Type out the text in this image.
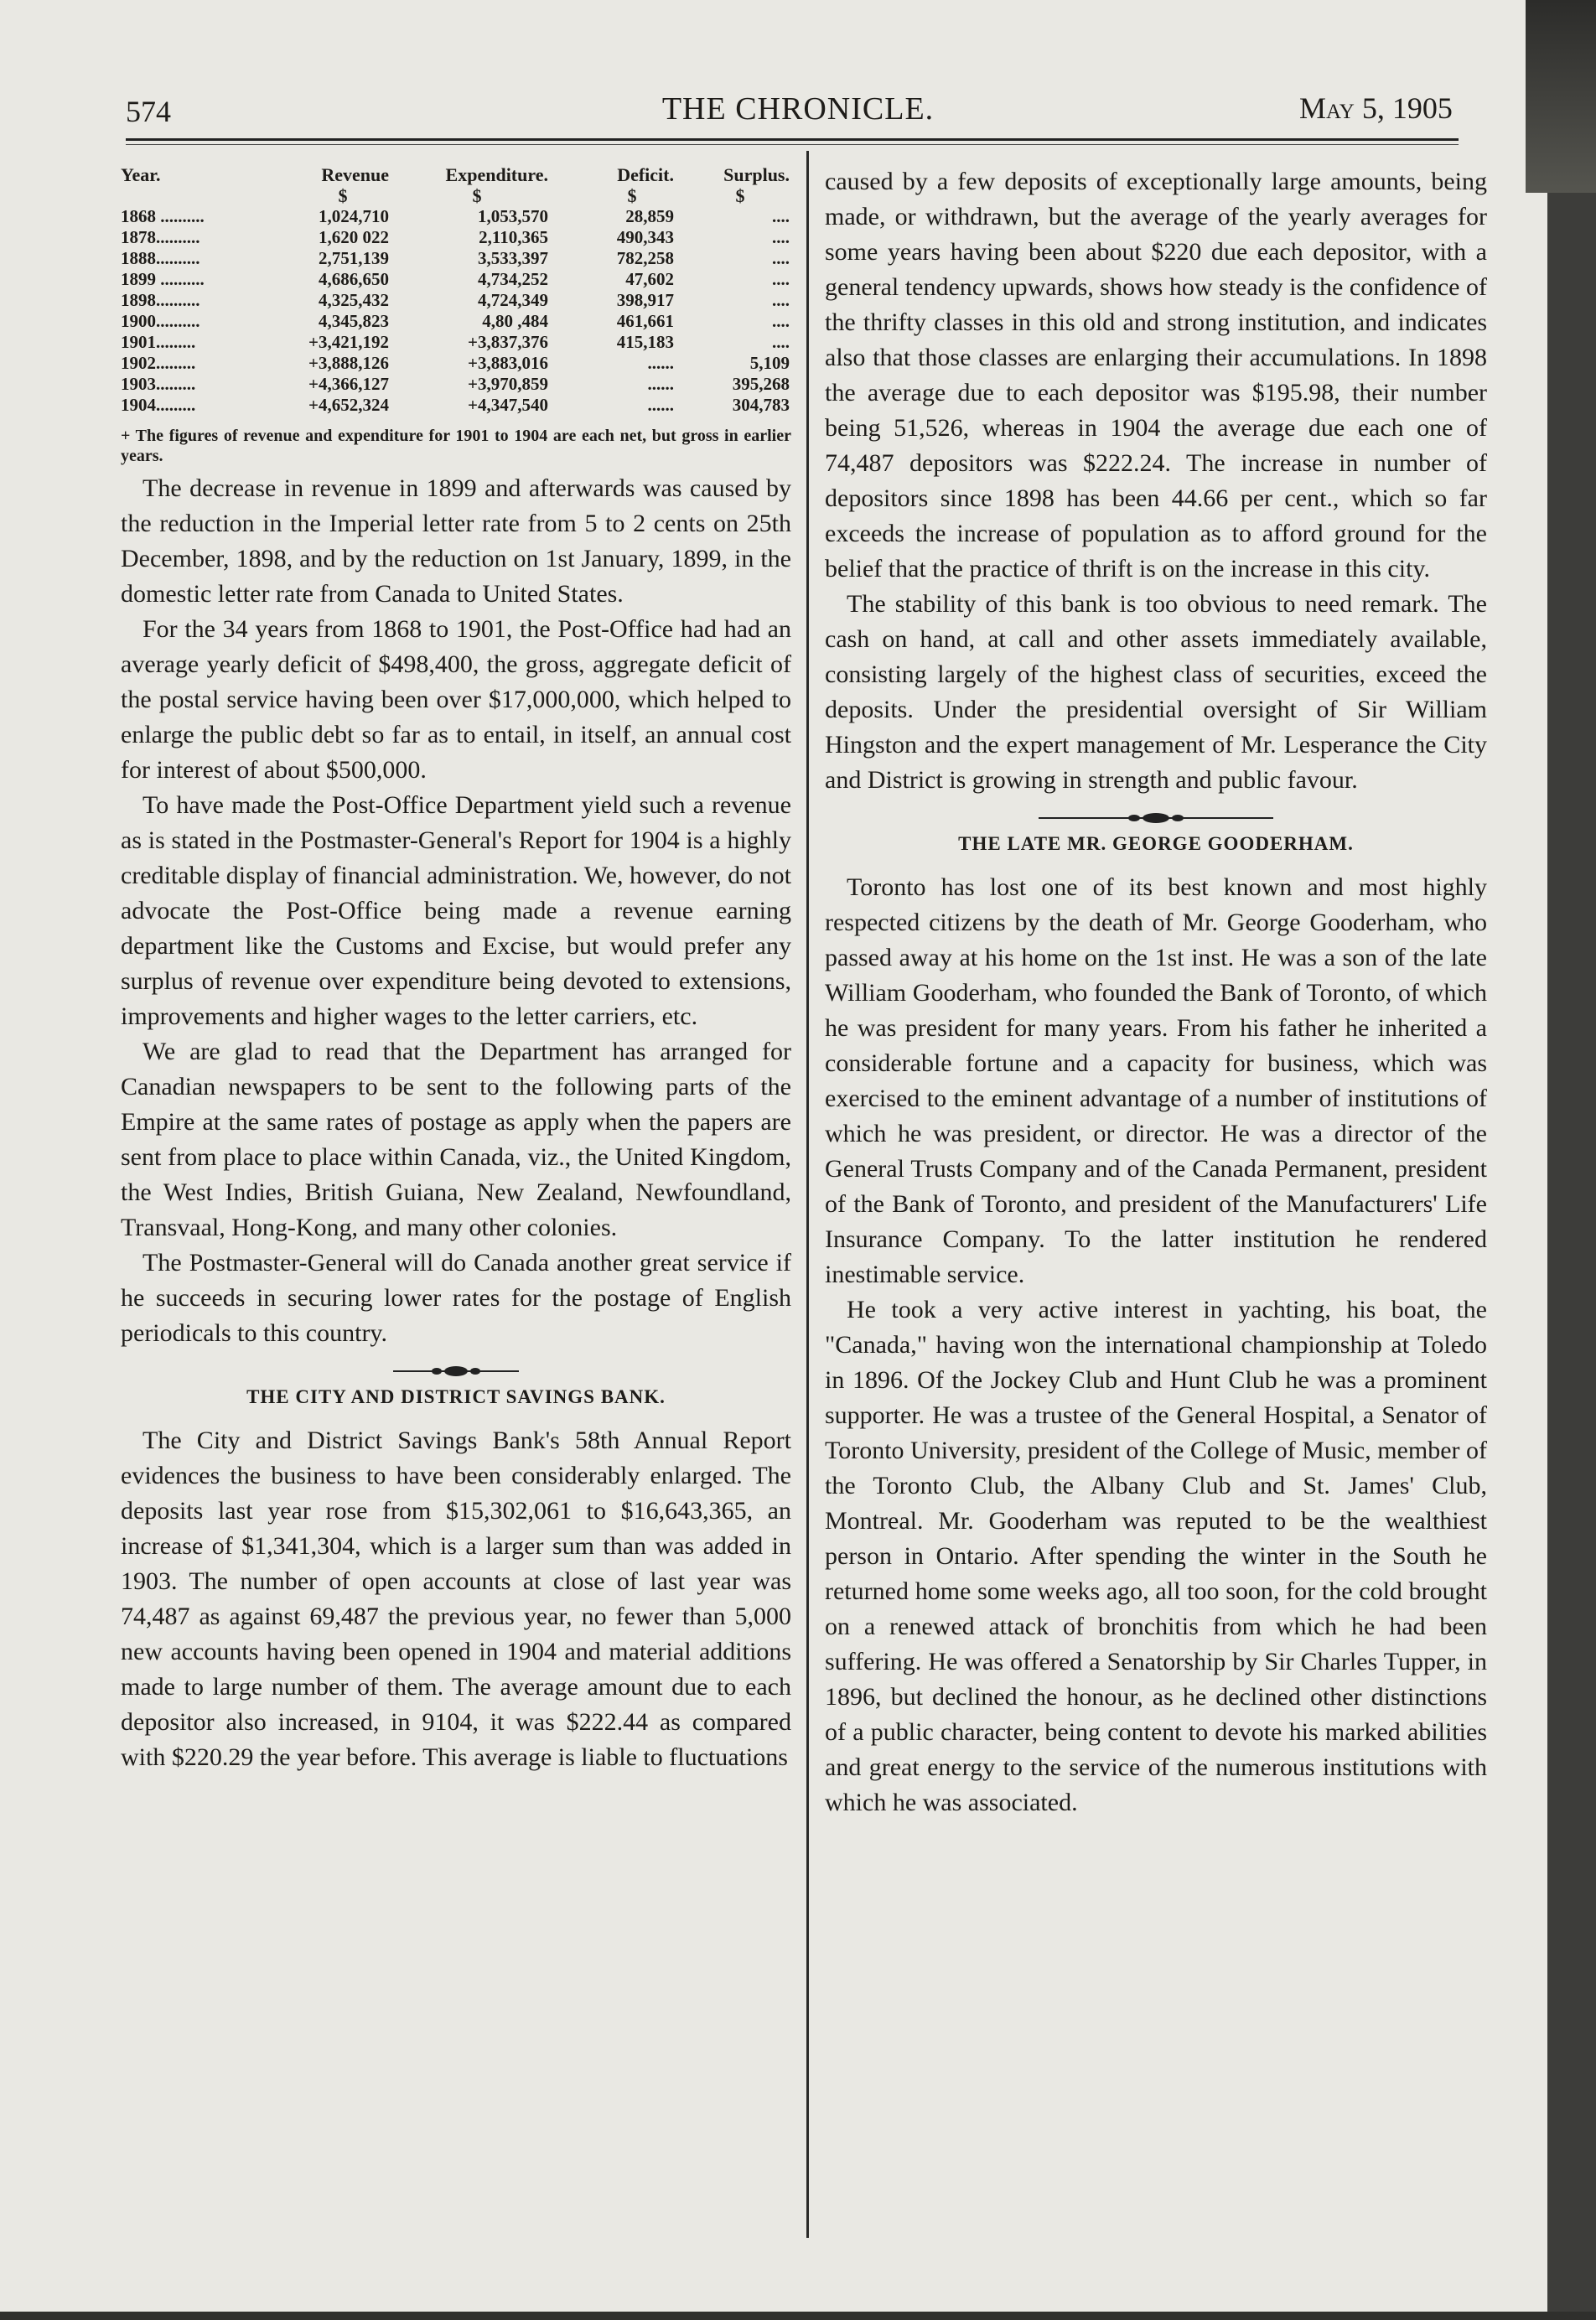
574	THE CHRONICLE.	May 5, 1905
Year.	Revenue	Expenditure.	Deficit.	Surplus.
	$	$	$	$
1868 ..........	1,024,710	1,053,570	28,859	....
1878..........	1,620 022	2,110,365	490,343	....
1888..........	2,751,139	3,533,397	782,258	....
1899 ..........	4,686,650	4,734,252	47,602	....
1898..........	4,325,432	4,724,349	398,917	....
1900..........	4,345,823	4,80 ,484	461,661	....
1901.........	+3,421,192	+3,837,376	415,183	....
1902.........	+3,888,126	+3,883,016	......	5,109
1903.........	+4,366,127	+3,970,859	......	395,268
1904.........	+4,652,324	+4,347,540	......	304,783
+ The figures of revenue and expenditure for 1901 to 1904 are each net, but gross in earlier years.

The decrease in revenue in 1899 and afterwards was caused by the reduction in the Imperial letter rate from 5 to 2 cents on 25th December, 1898, and by the reduction on 1st January, 1899, in the domestic letter rate from Canada to United States.

For the 34 years from 1868 to 1901, the Post-Office had had an average yearly deficit of $498,400, the gross, aggregate deficit of the postal service having been over $17,000,000, which helped to enlarge the public debt so far as to entail, in itself, an annual cost for interest of about $500,000.

To have made the Post-Office Department yield such a revenue as is stated in the Postmaster-General's Report for 1904 is a highly creditable display of financial administration. We, however, do not advocate the Post-Office being made a revenue earning department like the Customs and Excise, but would prefer any surplus of revenue over expenditure being devoted to extensions, improvements and higher wages to the letter carriers, etc.

We are glad to read that the Department has arranged for Canadian newspapers to be sent to the following parts of the Empire at the same rates of postage as apply when the papers are sent from place to place within Canada, viz., the United Kingdom, the West Indies, British Guiana, New Zealand, Newfoundland, Transvaal, Hong-Kong, and many other colonies.

The Postmaster-General will do Canada another great service if he succeeds in securing lower rates for the postage of English periodicals to this country.

THE CITY AND DISTRICT SAVINGS BANK.

The City and District Savings Bank's 58th Annual Report evidences the business to have been considerably enlarged. The deposits last year rose from $15,302,061 to $16,643,365, an increase of $1,341,304, which is a larger sum than was added in 1903. The number of open accounts at close of last year was 74,487 as against 69,487 the previous year, no fewer than 5,000 new accounts having been opened in 1904 and material additions made to large number of them. The average amount due to each depositor also increased, in 9104, it was $222.44 as compared with $220.29 the year before. This average is liable to fluctuations

caused by a few deposits of exceptionally large amounts, being made, or withdrawn, but the average of the yearly averages for some years having been about $220 due each depositor, with a general tendency upwards, shows how steady is the confidence of the thrifty classes in this old and strong institution, and indicates also that those classes are enlarging their accumulations. In 1898 the average due to each depositor was $195.98, their number being 51,526, whereas in 1904 the average due each one of 74,487 depositors was $222.24. The increase in number of depositors since 1898 has been 44.66 per cent., which so far exceeds the increase of population as to afford ground for the belief that the practice of thrift is on the increase in this city.

The stability of this bank is too obvious to need remark. The cash on hand, at call and other assets immediately available, consisting largely of the highest class of securities, exceed the deposits. Under the presidential oversight of Sir William Hingston and the expert management of Mr. Lesperance the City and District is growing in strength and public favour.

THE LATE MR. GEORGE GOODERHAM.

Toronto has lost one of its best known and most highly respected citizens by the death of Mr. George Gooderham, who passed away at his home on the 1st inst. He was a son of the late William Gooderham, who founded the Bank of Toronto, of which he was president for many years. From his father he inherited a considerable fortune and a capacity for business, which was exercised to the eminent advantage of a number of institutions of which he was president, or director. He was a director of the General Trusts Company and of the Canada Permanent, president of the Bank of Toronto, and president of the Manufacturers' Life Insurance Company. To the latter institution he rendered inestimable service.

He took a very active interest in yachting, his boat, the "Canada," having won the international championship at Toledo in 1896. Of the Jockey Club and Hunt Club he was a prominent supporter. He was a trustee of the General Hospital, a Senator of Toronto University, president of the College of Music, member of the Toronto Club, the Albany Club and St. James' Club, Montreal. Mr. Gooderham was reputed to be the wealthiest person in Ontario. After spending the winter in the South he returned home some weeks ago, all too soon, for the cold brought on a renewed attack of bronchitis from which he had been suffering. He was offered a Senatorship by Sir Charles Tupper, in 1896, but declined the honour, as he declined other distinctions of a public character, being content to devote his marked abilities and great energy to the service of the numerous institutions with which he was associated.
